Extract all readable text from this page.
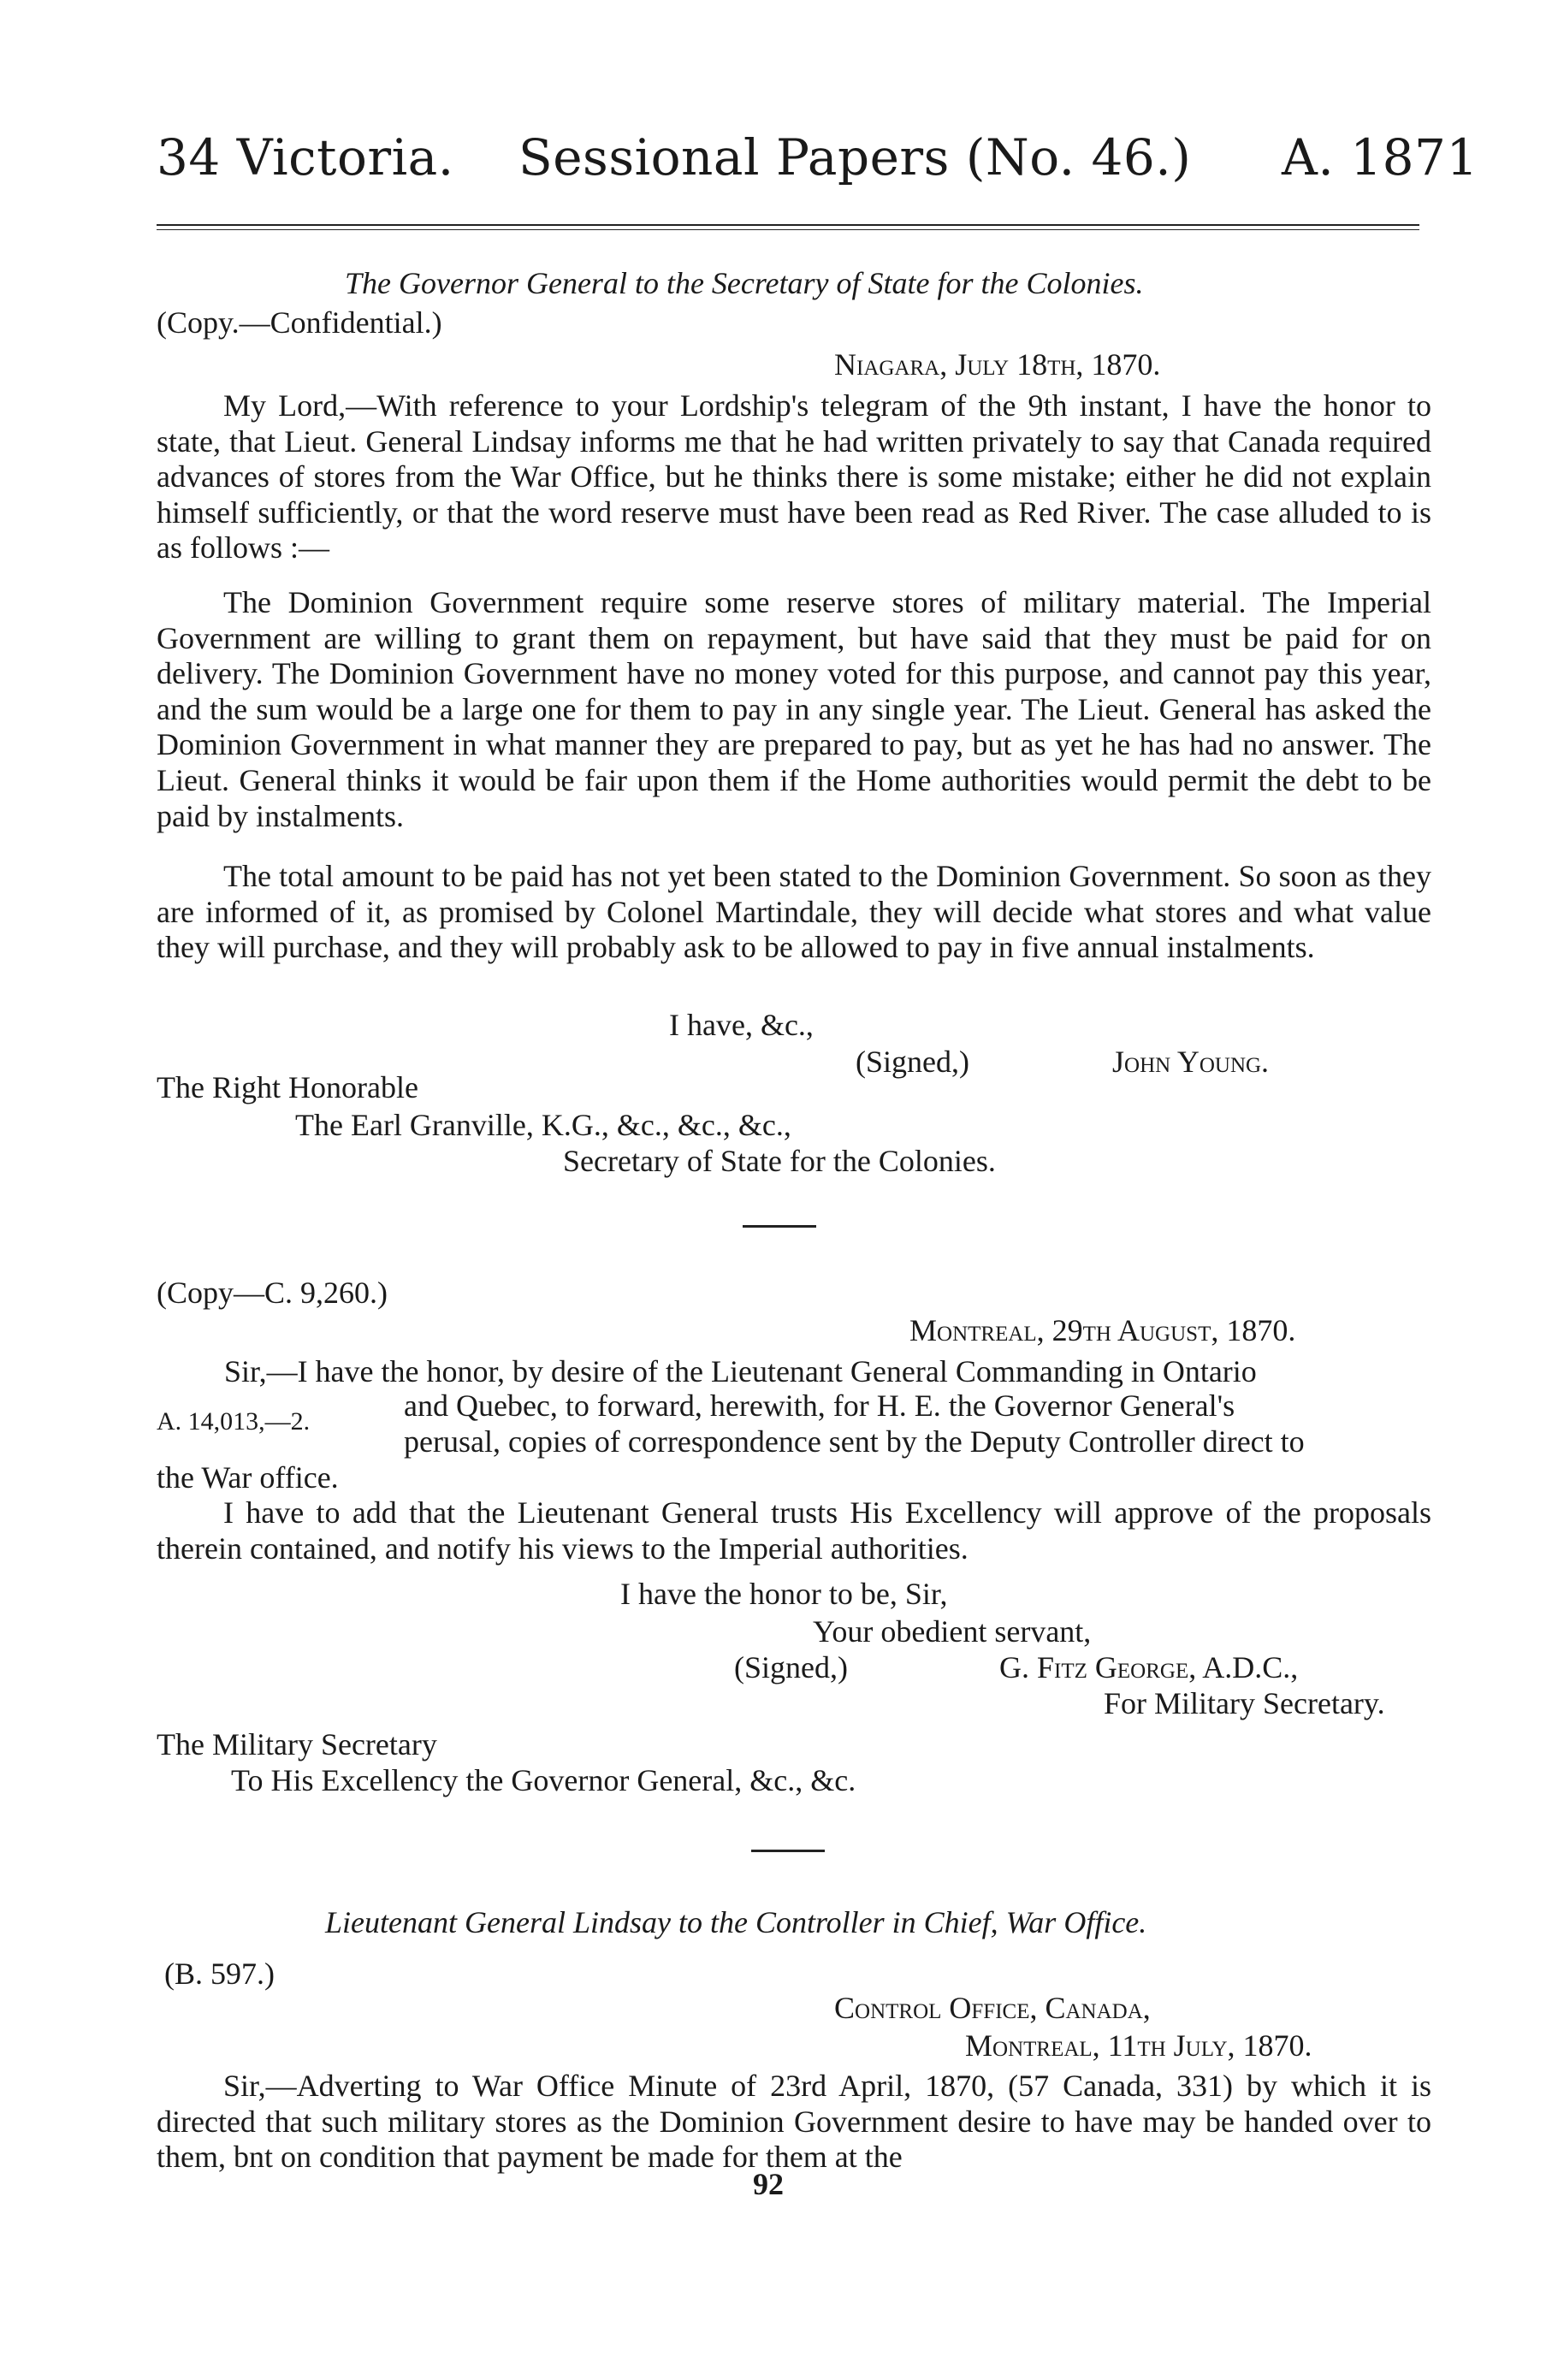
34 Victoria. Sessional Papers (No. 46.) A. 1871
The Governor General to the Secretary of State for the Colonies.
(Copy.—Confidential.)
Niagara, July 18th, 1870.
My Lord,—With reference to your Lordship's telegram of the 9th instant, I have the honor to state, that Lieut. General Lindsay informs me that he had written privately to say that Canada required advances of stores from the War Office, but he thinks there is some mistake; either he did not explain himself sufficiently, or that the word reserve must have been read as Red River. The case alluded to is as follows :—
The Dominion Government require some reserve stores of military material. The Imperial Government are willing to grant them on repayment, but have said that they must be paid for on delivery. The Dominion Government have no money voted for this purpose, and cannot pay this year, and the sum would be a large one for them to pay in any single year. The Lieut. General has asked the Dominion Government in what manner they are prepared to pay, but as yet he has had no answer. The Lieut. General thinks it would be fair upon them if the Home authorities would permit the debt to be paid by instalments.
The total amount to be paid has not yet been stated to the Dominion Government. So soon as they are informed of it, as promised by Colonel Martindale, they will decide what stores and what value they will purchase, and they will probably ask to be allowed to pay in five annual instalments.
I have, &c.,
(Signed,)	John Young.
The Right Honorable
The Earl Granville, K.G., &c., &c., &c.,
Secretary of State for the Colonies.
(Copy—C. 9,260.)
Montreal, 29th August, 1870.
Sir,—I have the honor, by desire of the Lieutenant General Commanding in Ontario
A. 14,013,—2.	and Quebec, to forward, herewith, for H. E. the Governor General's
perusal, copies of correspondence sent by the Deputy Controller direct to
the War office.
I have to add that the Lieutenant General trusts His Excellency will approve of the proposals therein contained, and notify his views to the Imperial authorities.
I have the honor to be, Sir,
Your obedient servant,
(Signed,)	G. Fitz George, A.D.C.,
For Military Secretary.
The Military Secretary
To His Excellency the Governor General, &c., &c.
Lieutenant General Lindsay to the Controller in Chief, War Office.
(B. 597.)
Control Office, Canada,
Montreal, 11th July, 1870.
Sir,—Adverting to War Office Minute of 23rd April, 1870, (57 Canada, 331) by which it is directed that such military stores as the Dominion Government desire to have may be handed over to them, bnt on condition that payment be made for them at the
92
